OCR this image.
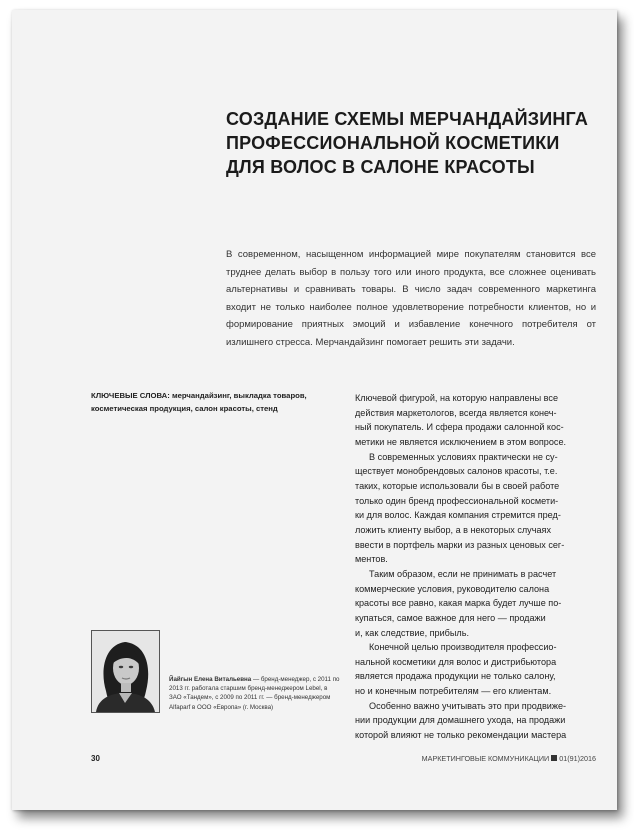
СОЗДАНИЕ СХЕМЫ МЕРЧАНДАЙЗИНГА
ПРОФЕССИОНАЛЬНОЙ КОСМЕТИКИ
ДЛЯ ВОЛОС В САЛОНЕ КРАСОТЫ

В современном, насыщенном информацией мире покупателям становится все труднее делать выбор в пользу того или иного продукта, все сложнее оценивать альтернативы и сравнивать товары. В число задач современного маркетинга входит не только наиболее полное удовлетворение потребности клиентов, но и формирование приятных эмоций и избавление конечного потребителя от излишнего стресса. Мерчандайзинг помогает решить эти задачи.

КЛЮЧЕВЫЕ СЛОВА: мерчандайзинг, выкладка товаров, косметическая продукция, салон красоты, стенд

Ключевой фигурой, на которую направлены все

действия маркетологов, всегда является конеч-

ный покупатель. И сфера продажи салонной кос-

метики не является исключением в этом вопросе.

В современных условиях практически не су-

ществует монобрендовых салонов красоты, т.е.

таких, которые использовали бы в своей работе

только один бренд профессиональной космети-

ки для волос. Каждая компания стремится пред-

ложить клиенту выбор, а в некоторых случаях

ввести в портфель марки из разных ценовых сег-

ментов.

Таким образом, если не принимать в расчет

коммерческие условия, руководителю салона

красоты все равно, какая марка будет лучше по-

купаться, самое важное для него — продажи

и, как следствие, прибыль.

Конечной целью производителя профессио-

нальной косметики для волос и дистрибьютора

является продажа продукции не только салону,

но и конечным потребителям — его клиентам.

Особенно важно учитывать это при продвиже-

нии продукции для домашнего ухода, на продажи

которой влияют не только рекомендации мастера

Йайгын Елена Витальевна — бренд-менеджер, с 2011 по 2013 гг. работала старшим бренд-менеджером Lebel, в ЗАО «Тандем», с 2009 по 2011 гг. — бренд-менеджером Alfaparf в ООО «Европа» (г. Москва)

30	МАРКЕТИНГОВЫЕ КОММУНИКАЦИИ 01(91)2016
